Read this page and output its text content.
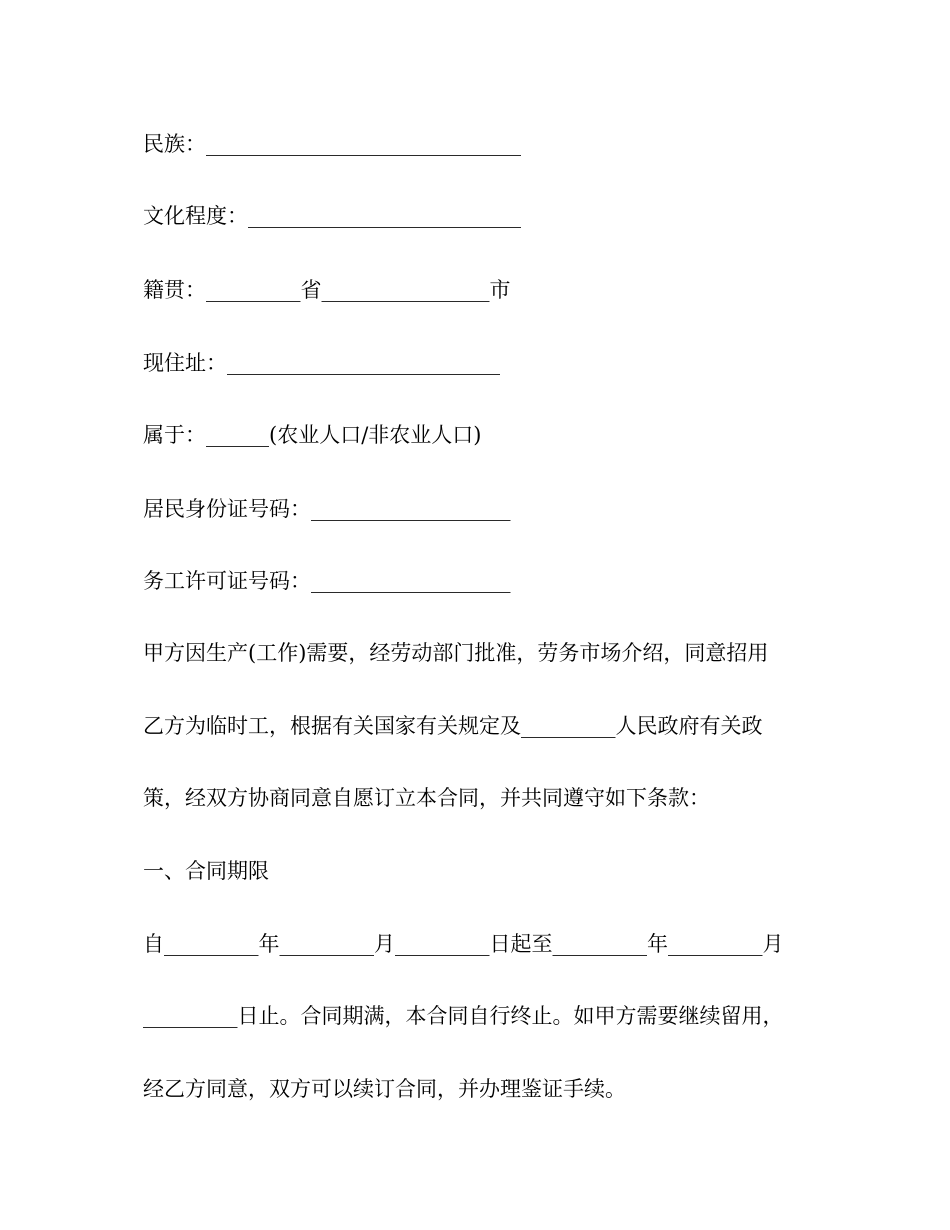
民族：______________________________
文化程度：__________________________
籍贯：_________省________________市
现住址：__________________________
属于：______(农业人口/非农业人口)
居民身份证号码：___________________
务工许可证号码：___________________
甲方因生产(工作)需要，经劳动部门批准，劳务市场介绍，同意招用
乙方为临时工，根据有关国家有关规定及_________人民政府有关政
策，经双方协商同意自愿订立本合同，并共同遵守如下条款：
一、合同期限
自_________年_________月_________日起至_________年_________月
_________日止。合同期满，本合同自行终止。如甲方需要继续留用，
经乙方同意，双方可以续订合同，并办理鉴证手续。
